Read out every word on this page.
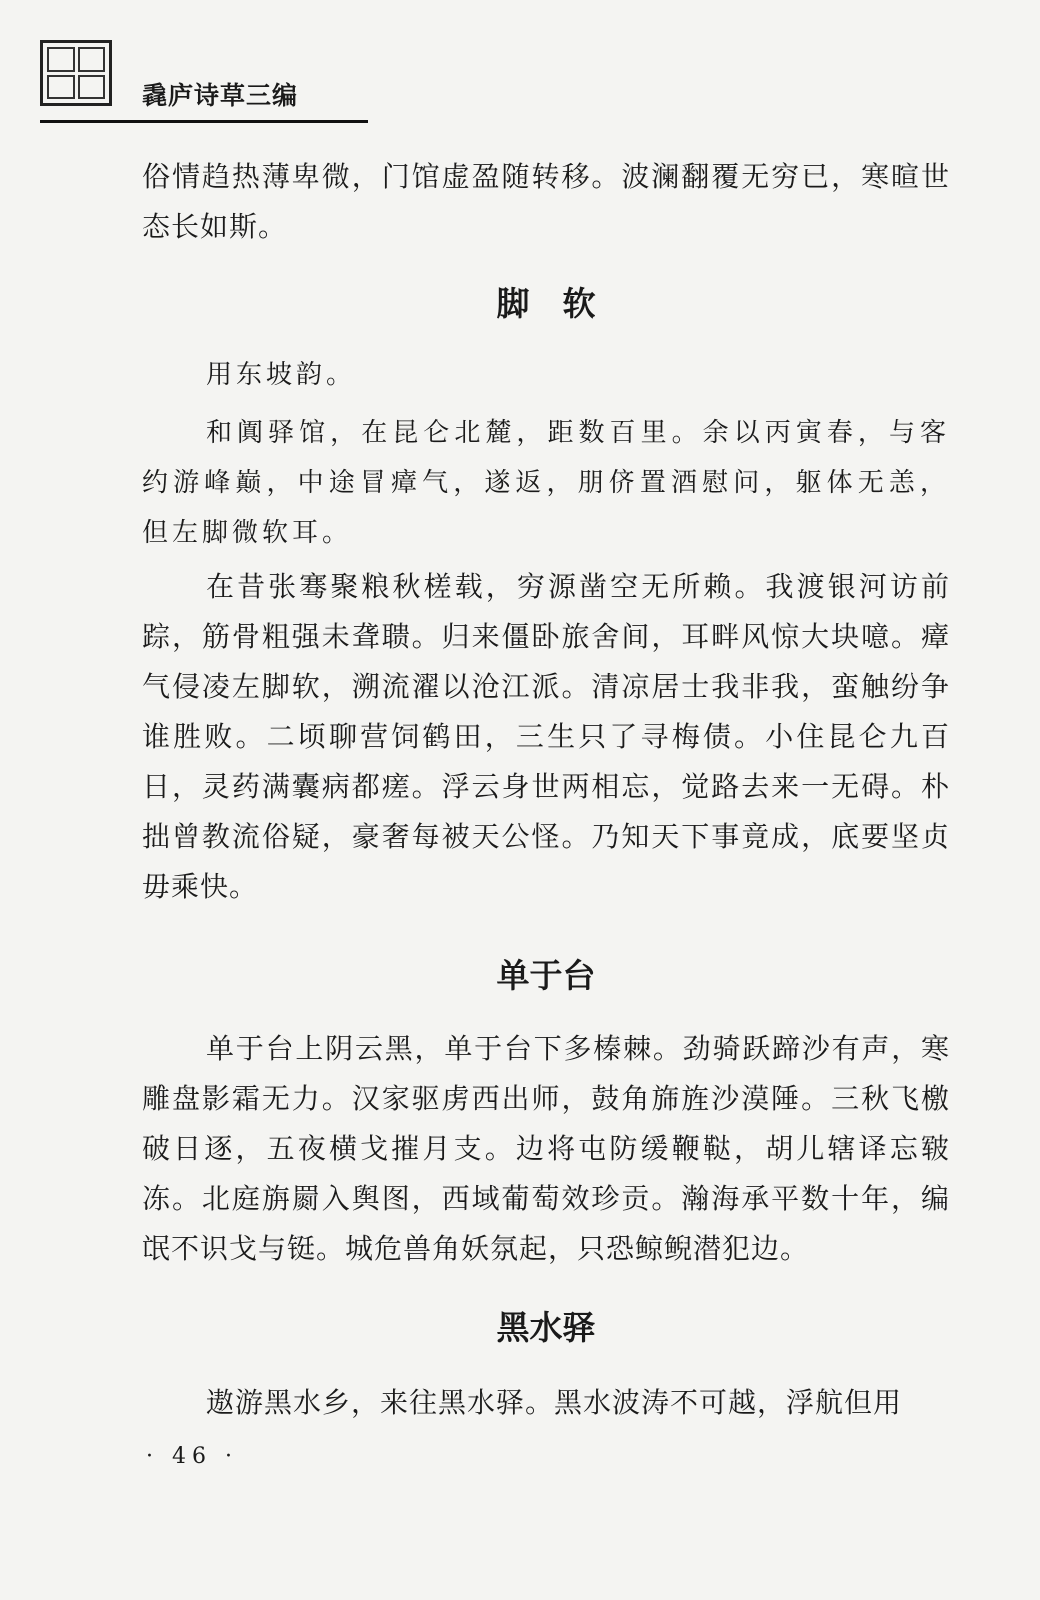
毳庐诗草三编

俗情趋热薄卑微，门馆虚盈随转移。波澜翻覆无穷已，寒暄世态长如斯。

脚　软

用东坡韵。

和阗驿馆，在昆仑北麓，距数百里。余以丙寅春，与客约游峰巅，中途冒瘴气，遂返，朋侪置酒慰问，躯体无恙，但左脚微软耳。

在昔张骞聚粮秋槎载，穷源凿空无所赖。我渡银河访前踪，筋骨粗强未聋聩。归来僵卧旅舍间，耳畔风惊大块噫。瘴气侵凌左脚软，溯流濯以沧江派。清凉居士我非我，蛮触纷争谁胜败。二顷聊营饲鹤田，三生只了寻梅债。小住昆仑九百日，灵药满囊病都瘥。浮云身世两相忘，觉路去来一无碍。朴拙曾教流俗疑，豪奢每被天公怪。乃知天下事竟成，底要坚贞毋乘快。

单于台

单于台上阴云黑，单于台下多榛棘。劲骑跃蹄沙有声，寒雕盘影霜无力。汉家驱虏西出师，鼓角旆旌沙漠陲。三秋飞檄破日逐，五夜横戈摧月支。边将屯防缓鞭鞑，胡儿辖译忘皲冻。北庭旃罽入舆图，西域葡萄效珍贡。瀚海承平数十年，编氓不识戈与铤。城危兽角妖氛起，只恐鲸鲵潜犯边。

黑水驿

遨游黑水乡，来往黑水驿。黑水波涛不可越，浮航但用

· 46 ·
